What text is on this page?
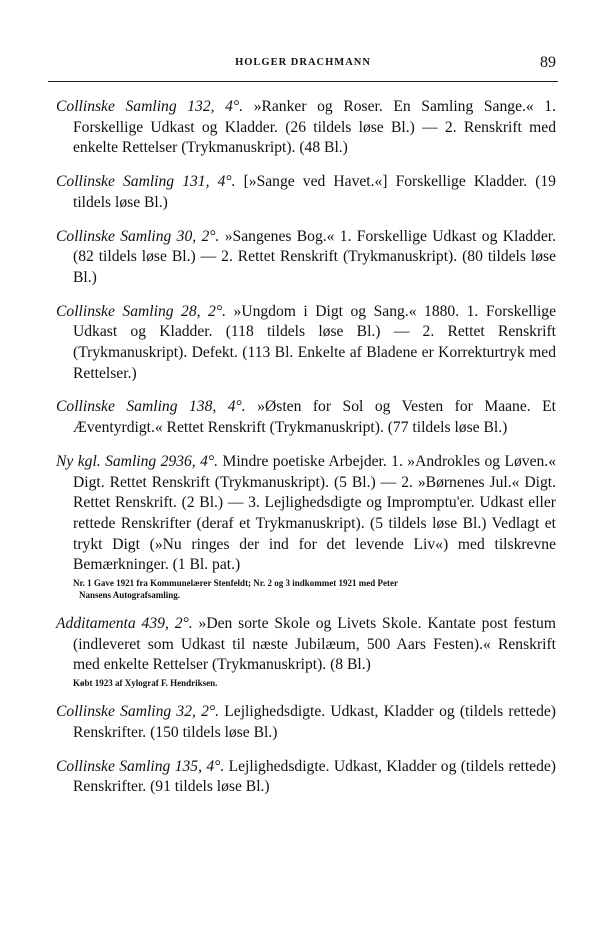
HOLGER DRACHMANN	89

Collinske Samling 132, 4°. »Ranker og Roser. En Samling Sange.« 1. Forskellige Udkast og Kladder. (26 tildels løse Bl.) — 2. Renskrift med enkelte Rettelser (Trykmanuskript). (48 Bl.)

Collinske Samling 131, 4°. [»Sange ved Havet.«] Forskellige Kladder. (19 tildels løse Bl.)

Collinske Samling 30, 2°. »Sangenes Bog.« 1. Forskellige Udkast og Kladder. (82 tildels løse Bl.) — 2. Rettet Renskrift (Trykmanuskript). (80 tildels løse Bl.)

Collinske Samling 28, 2°. »Ungdom i Digt og Sang.« 1880. 1. Forskellige Udkast og Kladder. (118 tildels løse Bl.) — 2. Rettet Renskrift (Trykmanuskript). Defekt. (113 Bl. Enkelte af Bladene er Korrekturtryk med Rettelser.)

Collinske Samling 138, 4°. »Østen for Sol og Vesten for Maane. Et Æventyrdigt.« Rettet Renskrift (Trykmanuskript). (77 tildels løse Bl.)

Ny kgl. Samling 2936, 4°. Mindre poetiske Arbejder. 1. »Androkles og Løven.« Digt. Rettet Renskrift (Trykmanuskript). (5 Bl.) — 2. »Børnenes Jul.« Digt. Rettet Renskrift. (2 Bl.) — 3. Lejlighedsdigte og Impromptu'er. Udkast eller rettede Renskrifter (deraf et Trykmanuskript). (5 tildels løse Bl.) Vedlagt et trykt Digt (»Nu ringes der ind for det levende Liv«) med tilskrevne Bemærkninger. (1 Bl. pat.)
Nr. 1 Gave 1921 fra Kommunelærer Stenfeldt; Nr. 2 og 3 indkommet 1921 med Peter
Nansens Autografsamling.

Additamenta 439, 2°. »Den sorte Skole og Livets Skole. Kantate post festum (indleveret som Udkast til næste Jubilæum, 500 Aars Festen).« Renskrift med enkelte Rettelser (Trykmanuskript). (8 Bl.)
Købt 1923 af Xylograf F. Hendriksen.

Collinske Samling 32, 2°. Lejlighedsdigte. Udkast, Kladder og (tildels rettede) Renskrifter. (150 tildels løse Bl.)

Collinske Samling 135, 4°. Lejlighedsdigte. Udkast, Kladder og (tildels rettede) Renskrifter. (91 tildels løse Bl.)
